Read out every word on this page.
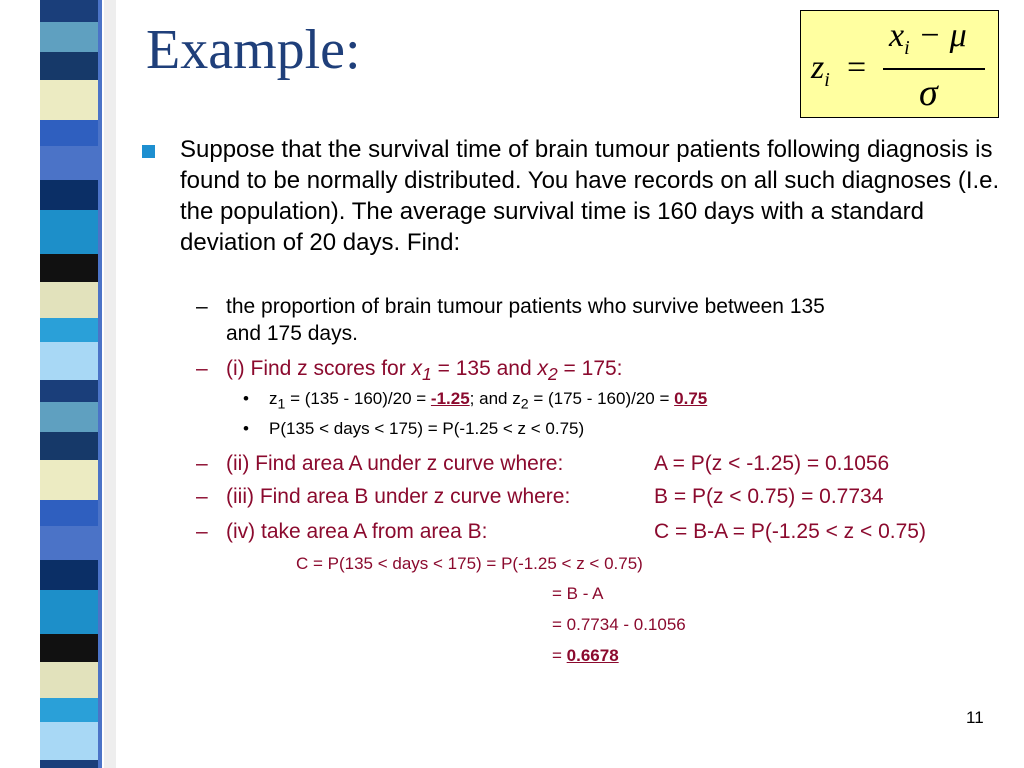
Example:	$z_i$ =
$x_i - \mu$
σ
Suppose that the survival time of brain tumour patients following diagnosis is found to be normally distributed. You have records on all such diagnoses (I.e. the population). The average survival time is 160 days with a standard deviation of 20 days. Find:
– the proportion of brain tumour patients who survive between 135
and 175 days.
– (i) Find z scores for $x_1 = 135$ and $x_2 = 175$:
• $z_1 = (135 - 160)/20 = -1.25$; and $z_2 = (175 - 160)/20 = 0.75$
• P(135 < days < 175) = P(-1.25 < z < 0.75)
– (ii) Find area A under z curve where:	A = P(z < -1.25) = 0.1056
– (iii) Find area B under z curve where:	B = P(z < 0.75) = 0.7734
– (iv) take area A from area B:	C = B-A = P(-1.25 < z < 0.75)
C = P(135 < days < 175) = P(-1.25 < z < 0.75)
= B - A
= 0.7734 - 0.1056
= 0.6678
11
